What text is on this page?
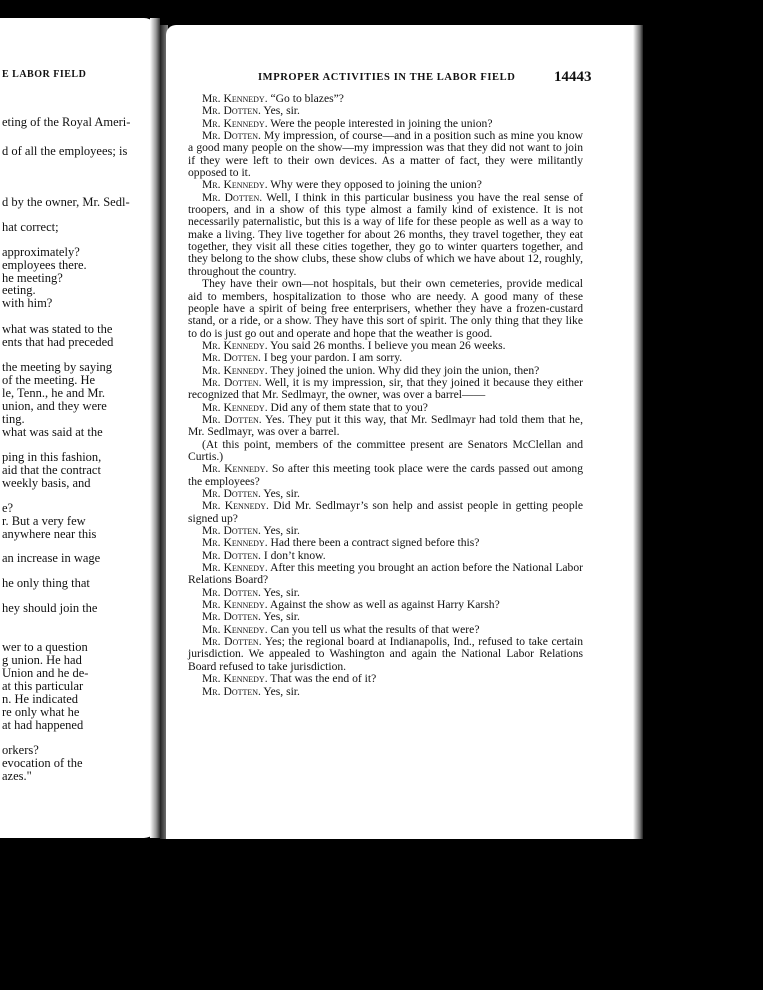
E LABOR FIELD
d of all the employees; is
d by the owner, Mr. Sedl-
hat correct;
approximately?
employees there.
he meeting?
eeting.
with him?
what was stated to the
ents that had preceded
the meeting by saying
of the meeting. He
le, Tenn., he and Mr.
union, and they were
ting.
what was said at the
ping in this fashion,
aid that the contract
weekly basis, and
e?
r. But a very few
anywhere near this
an increase in wage
he only thing that
hey should join the
wer to a question
g union. He had
Union and he de-
at this particular
n. He indicated
re only what he
at had happened
orkers?
evocation of the
azes."
eting of the Royal Ameri-
IMPROPER ACTIVITIES IN THE LABOR FIELD	14443

Mr. Kennedy. “Go to blazes”?

Mr. Dotten. Yes, sir.

Mr. Kennedy. Were the people interested in joining the union?

Mr. Dotten. My impression, of course—and in a position such as mine you know a good many people on the show—my impression was that they did not want to join if they were left to their own devices. As a matter of fact, they were militantly opposed to it.

Mr. Kennedy. Why were they opposed to joining the union?

Mr. Dotten. Well, I think in this particular business you have the real sense of troopers, and in a show of this type almost a family kind of existence. It is not necessarily paternalistic, but this is a way of life for these people as well as a way to make a living. They live together for about 26 months, they travel together, they eat together, they visit all these cities together, they go to winter quarters together, and they belong to the show clubs, these show clubs of which we have about 12, roughly, throughout the country.

They have their own—not hospitals, but their own cemeteries, provide medical aid to members, hospitalization to those who are needy. A good many of these people have a spirit of being free enterprisers, whether they have a frozen-custard stand, or a ride, or a show. They have this sort of spirit. The only thing that they like to do is just go out and operate and hope that the weather is good.

Mr. Kennedy. You said 26 months. I believe you mean 26 weeks.

Mr. Dotten. I beg your pardon. I am sorry.

Mr. Kennedy. They joined the union. Why did they join the union, then?

Mr. Dotten. Well, it is my impression, sir, that they joined it because they either recognized that Mr. Sedlmayr, the owner, was over a barrel——

Mr. Kennedy. Did any of them state that to you?

Mr. Dotten. Yes. They put it this way, that Mr. Sedlmayr had told them that he, Mr. Sedlmayr, was over a barrel.

(At this point, members of the committee present are Senators McClellan and Curtis.)

Mr. Kennedy. So after this meeting took place were the cards passed out among the employees?

Mr. Dotten. Yes, sir.

Mr. Kennedy. Did Mr. Sedlmayr’s son help and assist people in getting people signed up?

Mr. Dotten. Yes, sir.

Mr. Kennedy. Had there been a contract signed before this?

Mr. Dotten. I don’t know.

Mr. Kennedy. After this meeting you brought an action before the National Labor Relations Board?

Mr. Dotten. Yes, sir.

Mr. Kennedy. Against the show as well as against Harry Karsh?

Mr. Dotten. Yes, sir.

Mr. Kennedy. Can you tell us what the results of that were?

Mr. Dotten. Yes; the regional board at Indianapolis, Ind., refused to take certain jurisdiction. We appealed to Washington and again the National Labor Relations Board refused to take jurisdiction.

Mr. Kennedy. That was the end of it?

Mr. Dotten. Yes, sir.
